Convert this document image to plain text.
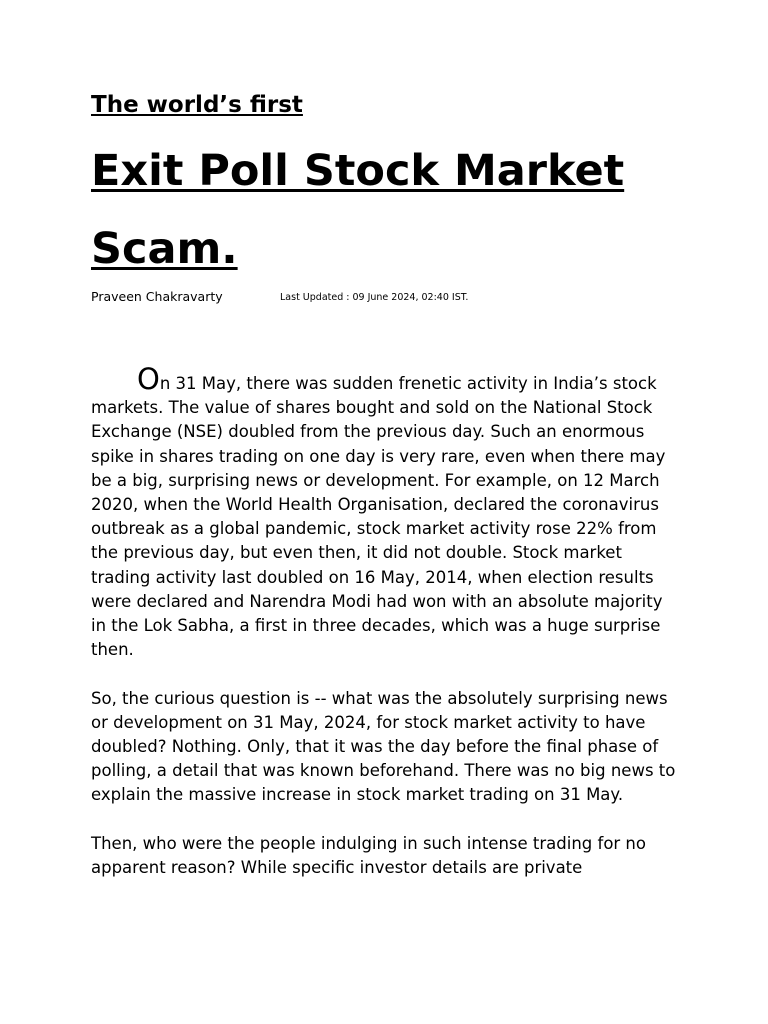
The world’s first
Exit Poll Stock Market Scam.
Praveen Chakravarty	Last Updated : 09 June 2024, 02:40 IST.

On 31 May, there was sudden frenetic activity in India’s stock markets. The value of shares bought and sold on the National Stock Exchange (NSE) doubled from the previous day. Such an enormous spike in shares trading on one day is very rare, even when there may be a big, surprising news or development. For example, on 12 March 2020, when the World Health Organisation, declared the coronavirus outbreak as a global pandemic, stock market activity rose 22% from the previous day, but even then, it did not double. Stock market trading activity last doubled on 16 May, 2014, when election results were declared and Narendra Modi had won with an absolute majority in the Lok Sabha, a first in three decades, which was a huge surprise then.

So, the curious question is -- what was the absolutely surprising news or development on 31 May, 2024, for stock market activity to have doubled? Nothing. Only, that it was the day before the final phase of polling, a detail that was known beforehand. There was no big news to explain the massive increase in stock market trading on 31 May.

Then, who were the people indulging in such intense trading for no apparent reason? While specific investor details are private
